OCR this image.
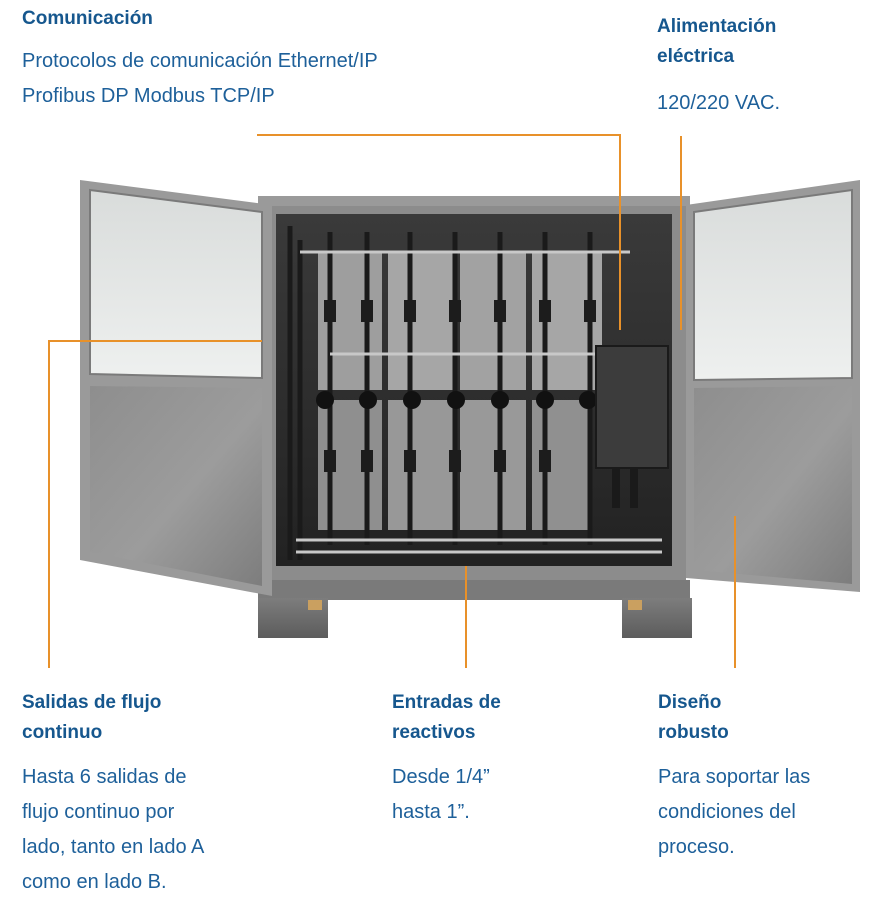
Comunicación

Protocolos de comunicación Ethernet/IP

Profibus DP Modbus TCP/IP

Alimentación

eléctrica

120/220 VAC.

Salidas de flujo

continuo

Hasta 6 salidas de

flujo continuo por

lado, tanto en lado A

como en lado B.

Entradas de

reactivos

Desde 1/4”

hasta 1”.

Diseño

robusto

Para soportar las

condiciones del

proceso.
